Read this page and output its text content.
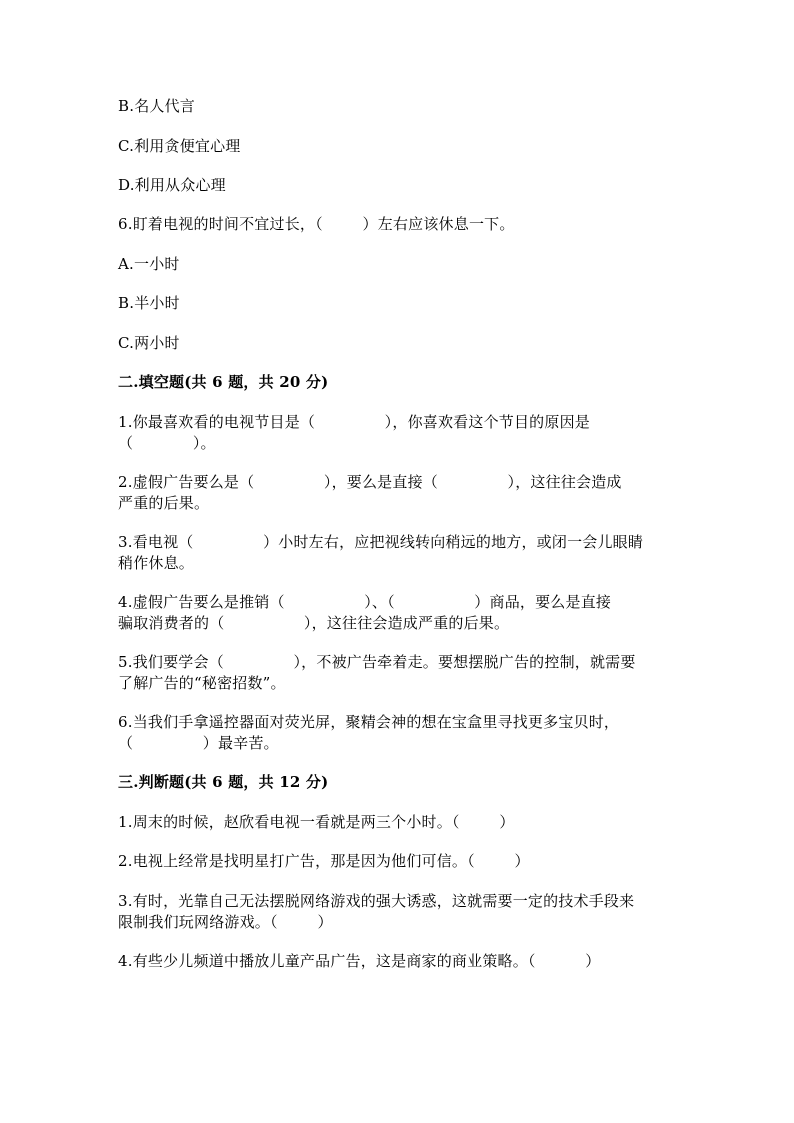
B.名人代言
C.利用贪便宜心理
D.利用从众心理
6.盯着电视的时间不宜过长，（        ）左右应该休息一下。
A.一小时
B.半小时
C.两小时
二.填空题(共 6 题，共 20 分)
1.你最喜欢看的电视节目是（              ），你喜欢看这个节目的原因是
（            ）。
2.虚假广告要么是（              ），要么是直接（              ），这往往会造成
严重的后果。
3.看电视（              ）小时左右，应把视线转向稍远的地方，或闭一会儿眼睛
稍作休息。
4.虚假广告要么是推销（                ）、（                ）商品，要么是直接
骗取消费者的（                ），这往往会造成严重的后果。
5.我们要学会（              ），不被广告牵着走。要想摆脱广告的控制，就需要
了解广告的“秘密招数”。
6.当我们手拿遥控器面对荧光屏，聚精会神的想在宝盒里寻找更多宝贝时，
（              ）最辛苦。
三.判断题(共 6 题，共 12 分)
1.周末的时候，赵欣看电视一看就是两三个小时。（        ）
2.电视上经常是找明星打广告，那是因为他们可信。（        ）
3.有时，光靠自己无法摆脱网络游戏的强大诱惑，这就需要一定的技术手段来
限制我们玩网络游戏。（        ）
4.有些少儿频道中播放儿童产品广告，这是商家的商业策略。（          ）
